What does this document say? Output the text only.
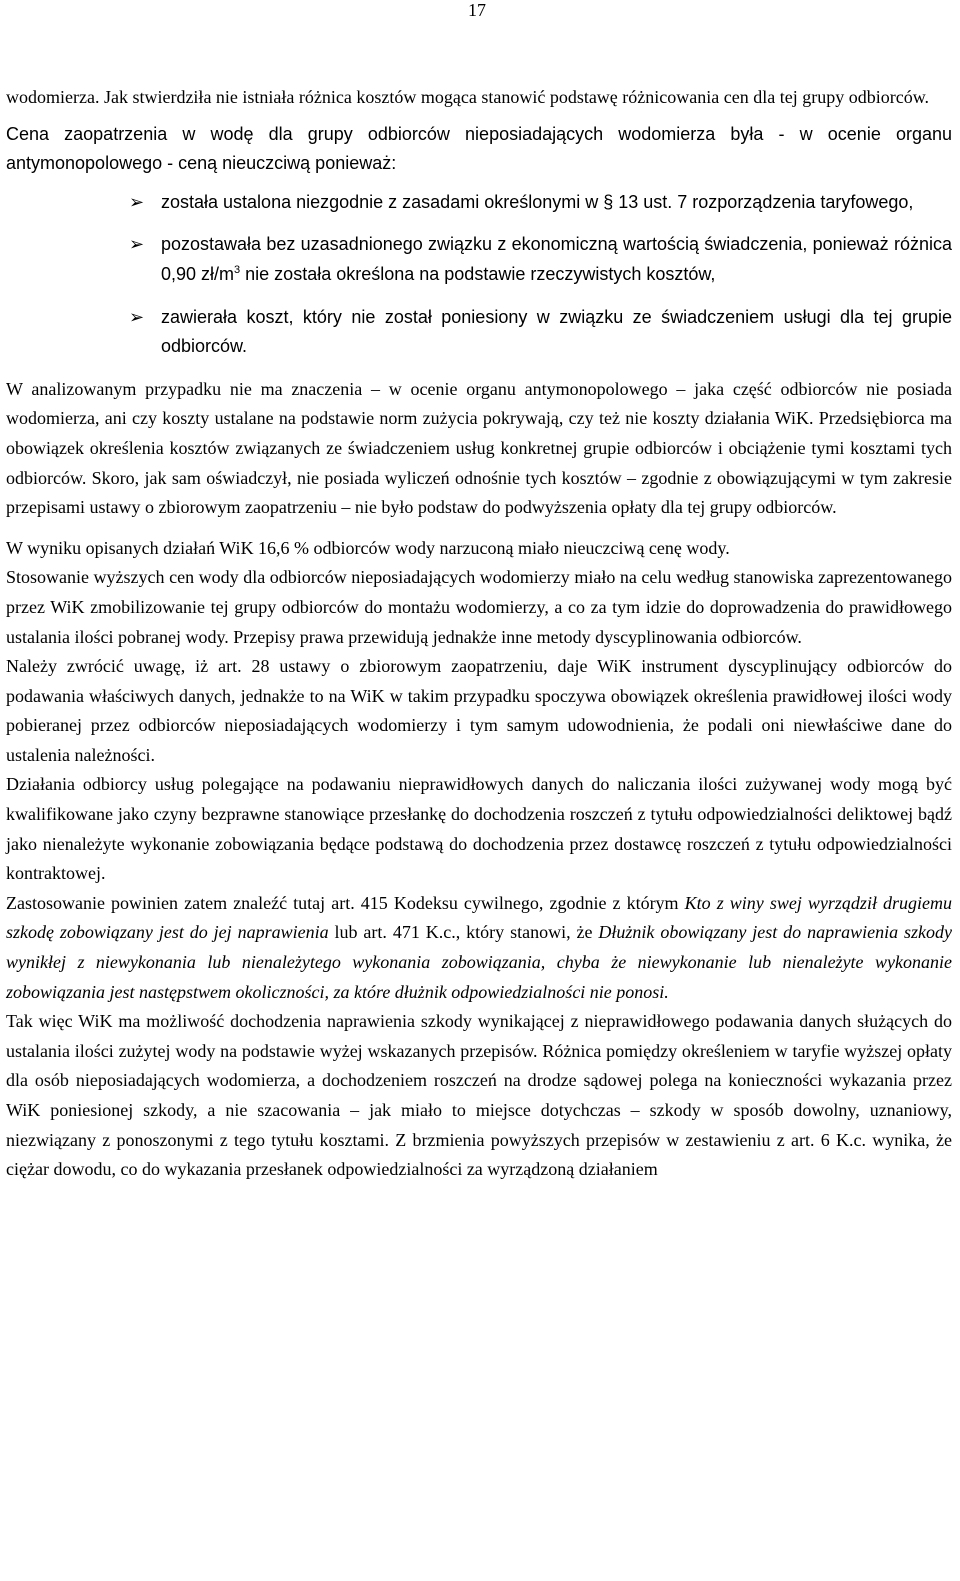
17

wodomierza. Jak stwierdziła nie istniała różnica kosztów mogąca stanowić podstawę różnicowania cen dla tej grupy odbiorców.

Cena zaopatrzenia w wodę dla grupy odbiorców nieposiadających wodomierza była - w ocenie organu antymonopolowego - ceną nieuczciwą ponieważ:

➢ została ustalona niezgodnie z zasadami określonymi w § 13 ust. 7 rozporządzenia taryfowego,
➢ pozostawała bez uzasadnionego związku z ekonomiczną wartością świadczenia, ponieważ różnica 0,90 $zł/m^3$ nie została określona na podstawie rzeczywistych kosztów,
➢ zawierała koszt, który nie został poniesiony w związku ze świadczeniem usługi dla tej grupie odbiorców.

W analizowanym przypadku nie ma znaczenia – w ocenie organu antymonopolowego – jaka część odbiorców nie posiada wodomierza, ani czy koszty ustalane na podstawie norm zużycia pokrywają, czy też nie koszty działania WiK. Przedsiębiorca ma obowiązek określenia kosztów związanych ze świadczeniem usług konkretnej grupie odbiorców i obciążenie tymi kosztami tych odbiorców. Skoro, jak sam oświadczył, nie posiada wyliczeń odnośnie tych kosztów – zgodnie z obowiązującymi w tym zakresie przepisami ustawy o zbiorowym zaopatrzeniu – nie było podstaw do podwyższenia opłaty dla tej grupy odbiorców.

W wyniku opisanych działań WiK 16,6 % odbiorców wody narzuconą miało nieuczciwą cenę wody.

Stosowanie wyższych cen wody dla odbiorców nieposiadających wodomierzy miało na celu według stanowiska zaprezentowanego przez WiK zmobilizowanie tej grupy odbiorców do montażu wodomierzy, a co za tym idzie do doprowadzenia do prawidłowego ustalania ilości pobranej wody. Przepisy prawa przewidują jednakże inne metody dyscyplinowania odbiorców.

Należy zwrócić uwagę, iż art. 28 ustawy o zbiorowym zaopatrzeniu, daje WiK instrument dyscyplinujący odbiorców do podawania właściwych danych, jednakże to na WiK w takim przypadku spoczywa obowiązek określenia prawidłowej ilości wody pobieranej przez odbiorców nieposiadających wodomierzy i tym samym udowodnienia, że podali oni niewłaściwe dane do ustalenia należności.

Działania odbiorcy usług polegające na podawaniu nieprawidłowych danych do naliczania ilości zużywanej wody mogą być kwalifikowane jako czyny bezprawne stanowiące przesłankę do dochodzenia roszczeń z tytułu odpowiedzialności deliktowej bądź jako nienależyte wykonanie zobowiązania będące podstawą do dochodzenia przez dostawcę roszczeń z tytułu odpowiedzialności kontraktowej.

Zastosowanie powinien zatem znaleźć tutaj art. 415 Kodeksu cywilnego, zgodnie z którym Kto z winy swej wyrządził drugiemu szkodę zobowiązany jest do jej naprawienia lub art. 471 K.c., który stanowi, że Dłużnik obowiązany jest do naprawienia szkody wynikłej z niewykonania lub nienależytego wykonania zobowiązania, chyba że niewykonanie lub nienależyte wykonanie zobowiązania jest następstwem okoliczności, za które dłużnik odpowiedzialności nie ponosi.

Tak więc WiK ma możliwość dochodzenia naprawienia szkody wynikającej z nieprawidłowego podawania danych służących do ustalania ilości zużytej wody na podstawie wyżej wskazanych przepisów. Różnica pomiędzy określeniem w taryfie wyższej opłaty dla osób nieposiadających wodomierza, a dochodzeniem roszczeń na drodze sądowej polega na konieczności wykazania przez WiK poniesionej szkody, a nie szacowania – jak miało to miejsce dotychczas – szkody w sposób dowolny, uznaniowy, niezwiązany z ponoszonymi z tego tytułu kosztami. Z brzmienia powyższych przepisów w zestawieniu z art. 6 K.c. wynika, że ciężar dowodu, co do wykazania przesłanek odpowiedzialności za wyrządzoną działaniem
